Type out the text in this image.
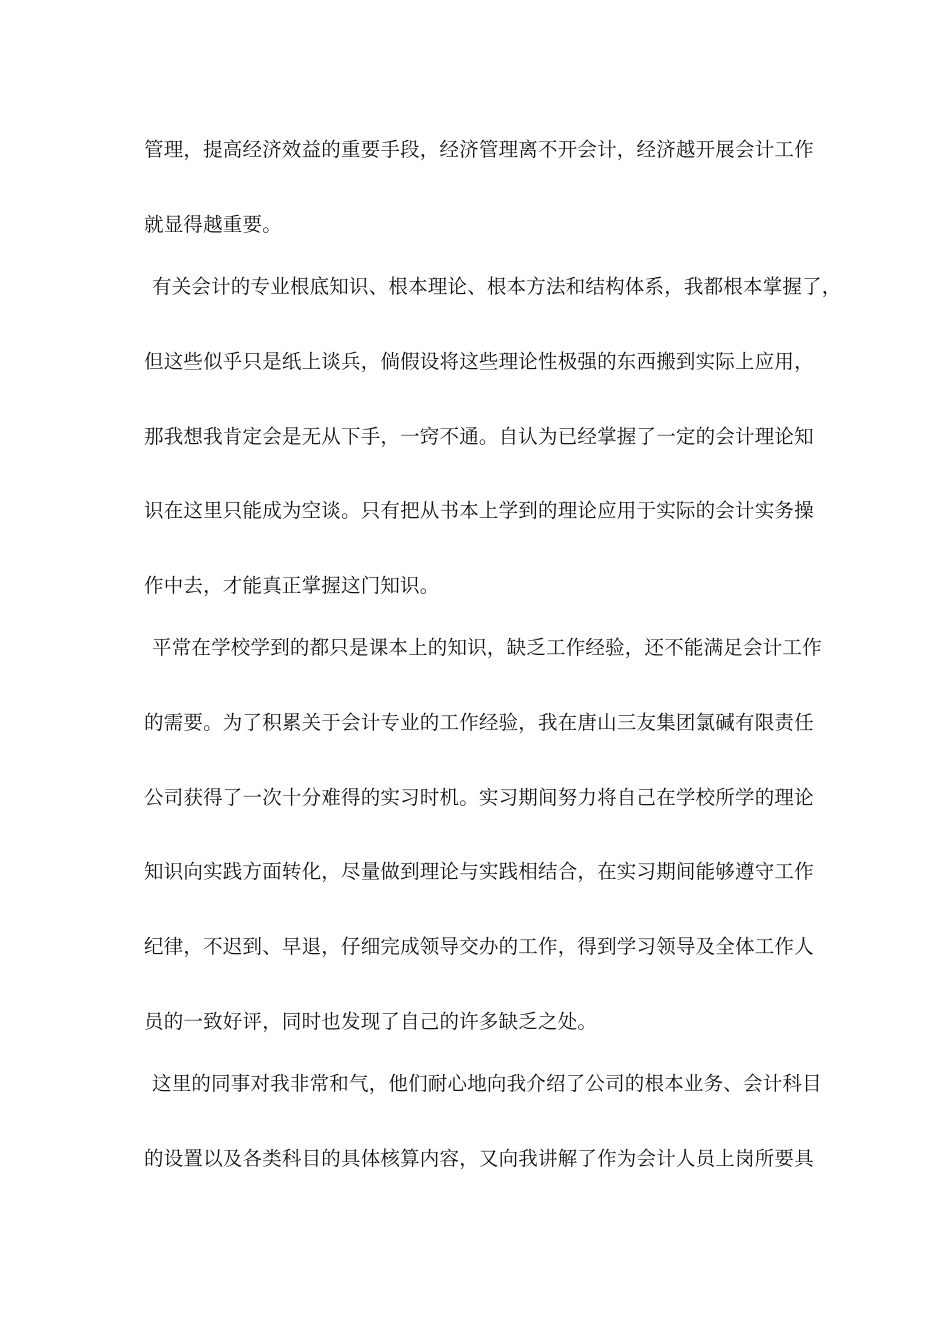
管理，提高经济效益的重要手段，经济管理离不开会计，经济越开展会计工作
就显得越重要。
有关会计的专业根底知识、根本理论、根本方法和结构体系，我都根本掌握了，
但这些似乎只是纸上谈兵，倘假设将这些理论性极强的东西搬到实际上应用，
那我想我肯定会是无从下手，一窍不通。自认为已经掌握了一定的会计理论知
识在这里只能成为空谈。只有把从书本上学到的理论应用于实际的会计实务操
作中去，才能真正掌握这门知识。
平常在学校学到的都只是课本上的知识，缺乏工作经验，还不能满足会计工作
的需要。为了积累关于会计专业的工作经验，我在唐山三友集团氯碱有限责任
公司获得了一次十分难得的实习时机。实习期间努力将自己在学校所学的理论
知识向实践方面转化，尽量做到理论与实践相结合，在实习期间能够遵守工作
纪律，不迟到、早退，仔细完成领导交办的工作，得到学习领导及全体工作人
员的一致好评，同时也发现了自己的许多缺乏之处。
这里的同事对我非常和气，他们耐心地向我介绍了公司的根本业务、会计科目
的设置以及各类科目的具体核算内容，又向我讲解了作为会计人员上岗所要具
